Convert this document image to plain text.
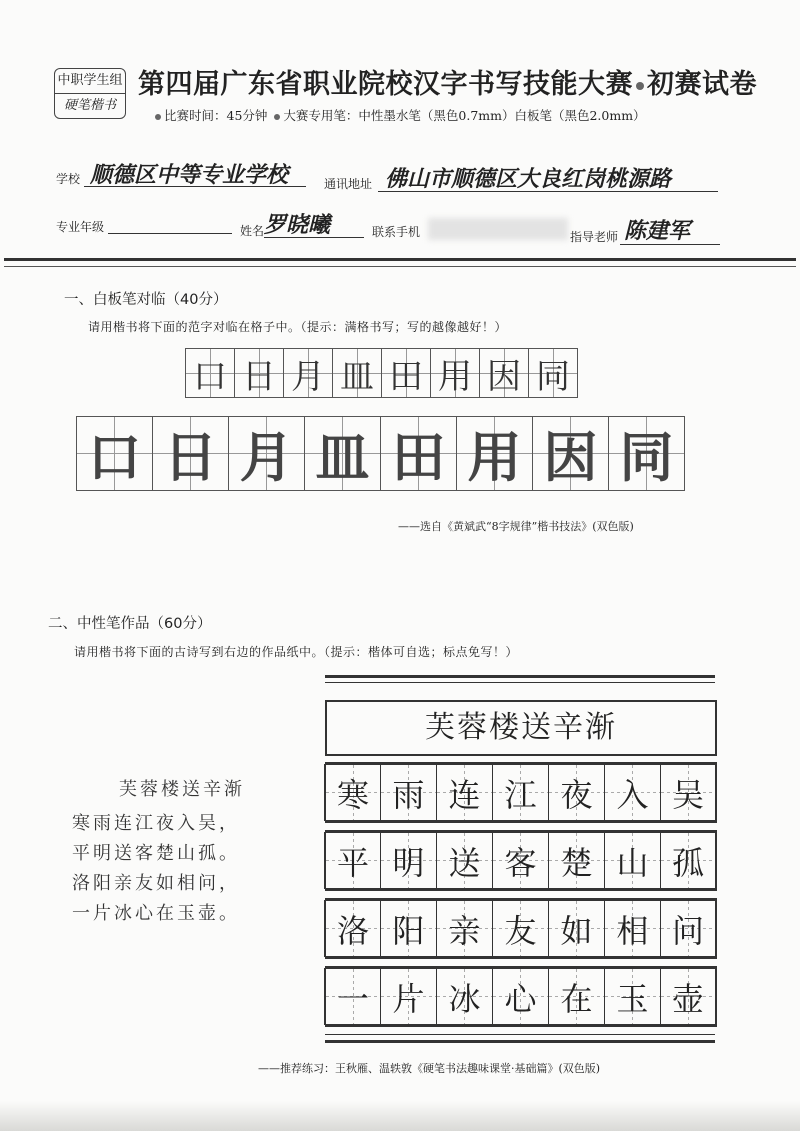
中职学生组
硬笔楷书
第四届广东省职业院校汉字书写技能大赛 初赛试卷
比赛时间：45分钟 大赛专用笔：中性墨水笔（黑色0.7mm）白板笔（黑色2.0mm）
学校 顺德区中等专业学校	通讯地址 佛山市顺德区大良红岗桃源路
专业年级	姓名 罗晓曦	联系手机	指导老师 陈建军
一、白板笔对临（40分）
请用楷书将下面的范字对临在格子中。（提示：满格书写；写的越像越好！）
口 日 月 皿 田 用 因 同
口 日 月 皿 田 用 因 同
——选自《黄斌武“8字规律”楷书技法》(双色版)
二、中性笔作品（60分）
请用楷书将下面的古诗写到右边的作品纸中。（提示：楷体可自选；标点免写！）
芙蓉楼送辛渐
寒雨连江夜入吴，
平明送客楚山孤。
洛阳亲友如相问，
一片冰心在玉壶。
芙蓉楼送辛渐
寒 雨 连 江 夜 入 吴
平 明 送 客 楚 山 孤
洛 阳 亲 友 如 相 问
一 片 冰 心 在 玉 壶
——推荐练习：王秋雁、温轶敦《硬笔书法趣味课堂·基础篇》(双色版)
